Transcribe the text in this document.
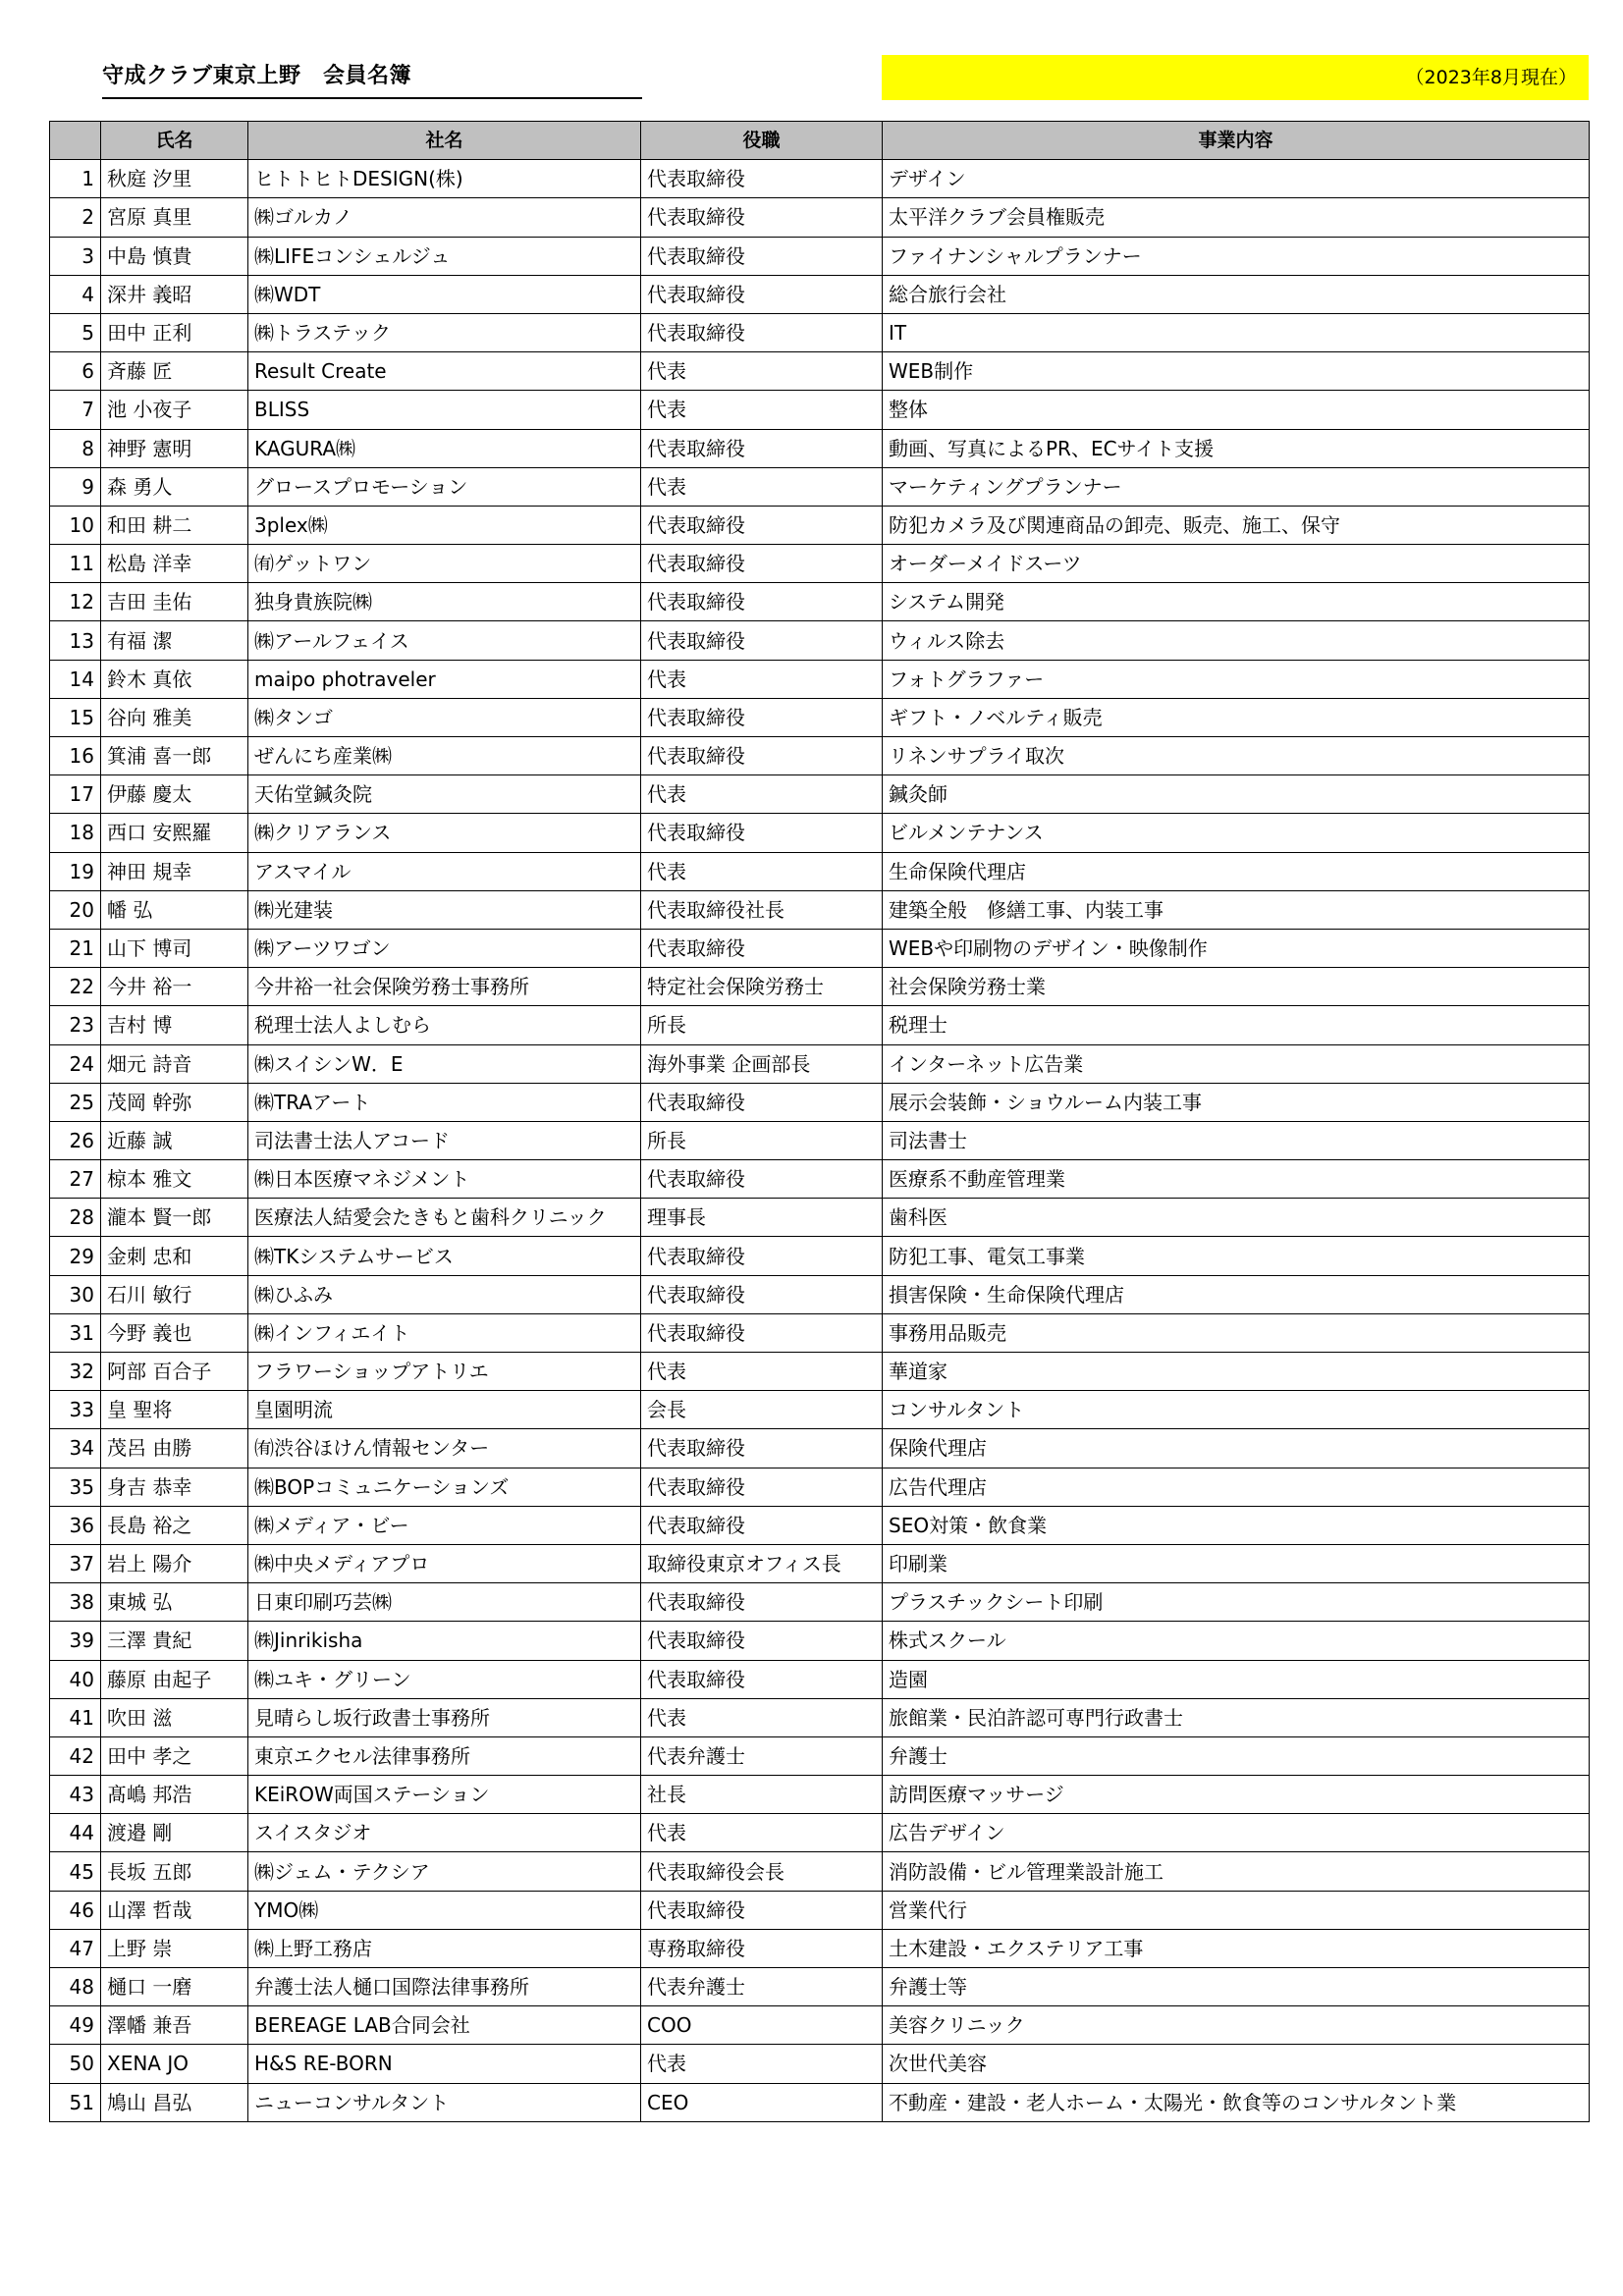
守成クラブ東京上野　会員名簿	（2023年8月現在）
	氏名	社名	役職	事業内容
1	秋庭 汐里	ヒトトヒトDESIGN(株)	代表取締役	デザイン
2	宮原 真里	㈱ゴルカノ	代表取締役	太平洋クラブ会員権販売
3	中島 慎貴	㈱LIFEコンシェルジュ	代表取締役	ファイナンシャルプランナー
4	深井 義昭	㈱WDT	代表取締役	総合旅行会社
5	田中 正利	㈱トラステック	代表取締役	IT
6	斉藤 匠	Result Create	代表	WEB制作
7	池 小夜子	BLISS	代表	整体
8	神野 憲明	KAGURA㈱	代表取締役	動画、写真によるPR、ECサイト支援
9	森 勇人	グロースプロモーション	代表	マーケティングプランナー
10	和田 耕二	3plex㈱	代表取締役	防犯カメラ及び関連商品の卸売、販売、施工、保守
11	松島 洋幸	㈲ゲットワン	代表取締役	オーダーメイドスーツ
12	吉田 圭佑	独身貴族院㈱	代表取締役	システム開発
13	有福 潔	㈱アールフェイス	代表取締役	ウィルス除去
14	鈴木 真依	maipo photraveler	代表	フォトグラファー
15	谷向 雅美	㈱タンゴ	代表取締役	ギフト・ノベルティ販売
16	箕浦 喜一郎	ぜんにち産業㈱	代表取締役	リネンサプライ取次
17	伊藤 慶太	天佑堂鍼灸院	代表	鍼灸師
18	西口 安熙羅	㈱クリアランス	代表取締役	ビルメンテナンス
19	神田 規幸	アスマイル	代表	生命保険代理店
20	幡 弘	㈱光建装	代表取締役社長	建築全般　修繕工事、内装工事
21	山下 博司	㈱アーツワゴン	代表取締役	WEBや印刷物のデザイン・映像制作
22	今井 裕一	今井裕一社会保険労務士事務所	特定社会保険労務士	社会保険労務士業
23	吉村 博	税理士法人よしむら	所長	税理士
24	畑元 詩音	㈱スイシンW．E	海外事業 企画部長	インターネット広告業
25	茂岡 幹弥	㈱TRAアート	代表取締役	展示会装飾・ショウルーム内装工事
26	近藤 誠	司法書士法人アコード	所長	司法書士
27	椋本 雅文	㈱日本医療マネジメント	代表取締役	医療系不動産管理業
28	瀧本 賢一郎	医療法人結愛会たきもと歯科クリニック	理事長	歯科医
29	金刺 忠和	㈱TKシステムサービス	代表取締役	防犯工事、電気工事業
30	石川 敏行	㈱ひふみ	代表取締役	損害保険・生命保険代理店
31	今野 義也	㈱インフィエイト	代表取締役	事務用品販売
32	阿部 百合子	フラワーショップアトリエ	代表	華道家
33	皇 聖将	皇園明流	会長	コンサルタント
34	茂呂 由勝	㈲渋谷ほけん情報センター	代表取締役	保険代理店
35	身吉 恭幸	㈱BOPコミュニケーションズ	代表取締役	広告代理店
36	長島 裕之	㈱メディア・ビー	代表取締役	SEO対策・飲食業
37	岩上 陽介	㈱中央メディアプロ	取締役東京オフィス長	印刷業
38	東城 弘	日東印刷巧芸㈱	代表取締役	プラスチックシート印刷
39	三澤 貴紀	㈱Jinrikisha	代表取締役	株式スクール
40	藤原 由起子	㈱ユキ・グリーン	代表取締役	造園
41	吹田 滋	見晴らし坂行政書士事務所	代表	旅館業・民泊許認可専門行政書士
42	田中 孝之	東京エクセル法律事務所	代表弁護士	弁護士
43	髙嶋 邦浩	KEiROW両国ステーション	社長	訪問医療マッサージ
44	渡邉 剛	スイスタジオ	代表	広告デザイン
45	長坂 五郎	㈱ジェム・テクシア	代表取締役会長	消防設備・ビル管理業設計施工
46	山澤 哲哉	YMO㈱	代表取締役	営業代行
47	上野 崇	㈱上野工務店	専務取締役	土木建設・エクステリア工事
48	樋口 一磨	弁護士法人樋口国際法律事務所	代表弁護士	弁護士等
49	澤幡 兼吾	BEREAGE LAB合同会社	COO	美容クリニック
50	XENA JO	H&S RE-BORN	代表	次世代美容
51	鳩山 昌弘	ニューコンサルタント	CEO	不動産・建設・老人ホーム・太陽光・飲食等のコンサルタント業
